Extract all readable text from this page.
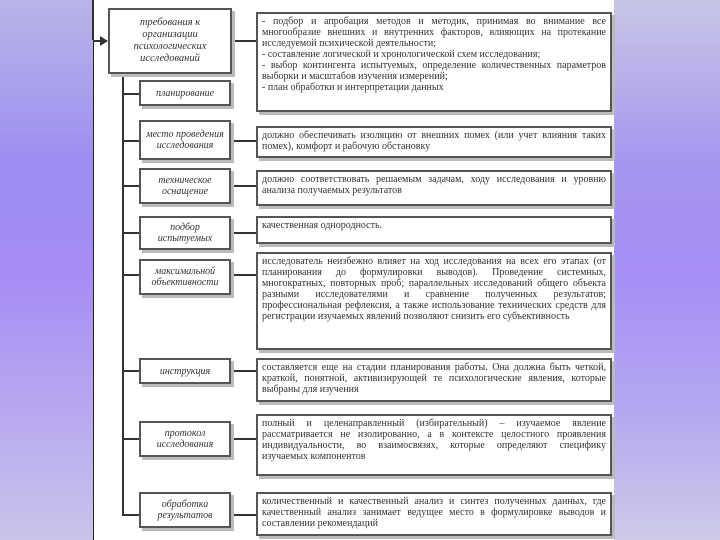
требования к организации психологических исследований
- подбор и апробация методов и методик, принимая во внимание все многообразие внешних и внутренних факторов, влияющих на протекание исследуемой психической деятельности;
- составление логической и хронологической схем исследования;
- выбор контингента испытуемых, определение количественных параметров выборки и масштабов изучения измерений;
- план обработки и интерпретации данных
планирование
место проведения исследования
должно обеспечивать изоляцию от внешних помех (или учет влияния таких помех), комфорт и рабочую обстановку
техническое оснащение
должно соответствовать решаемым задачам, ходу исследования и уровню анализа получаемых результатов
подбор испытуемых
качественная однородность.
максимальной объективности
исследователь неизбежно влияет на ход исследования на всех его этапах (от планирования до формулировки выводов). Проведение системных, многократных, повторных проб; параллельных исследований общего объекта разными исследователями и сравнение полученных результатов; профессиональная рефлексия, а также использование технических средств для регистрации изучаемых явлений позволяют снизить его субъективность
инструкция	составляется еще на стадии планирования работы. Она должна быть четкой, краткой, понятной, активизирующей те психологические явления, которые выбраны для изучения
протокол исследования
полный и целенаправленный (избирательный) – изучаемое явление рассматривается не изолированно, а в контексте целостного проявления индивидуальности, во взаимосвязях, которые определяют специфику изучаемых компонентов
обработка результатов
количественный и качественный анализ и синтез полученных данных, где качественный анализ занимает ведущее место в формулировке выводов и составлении рекомендаций
